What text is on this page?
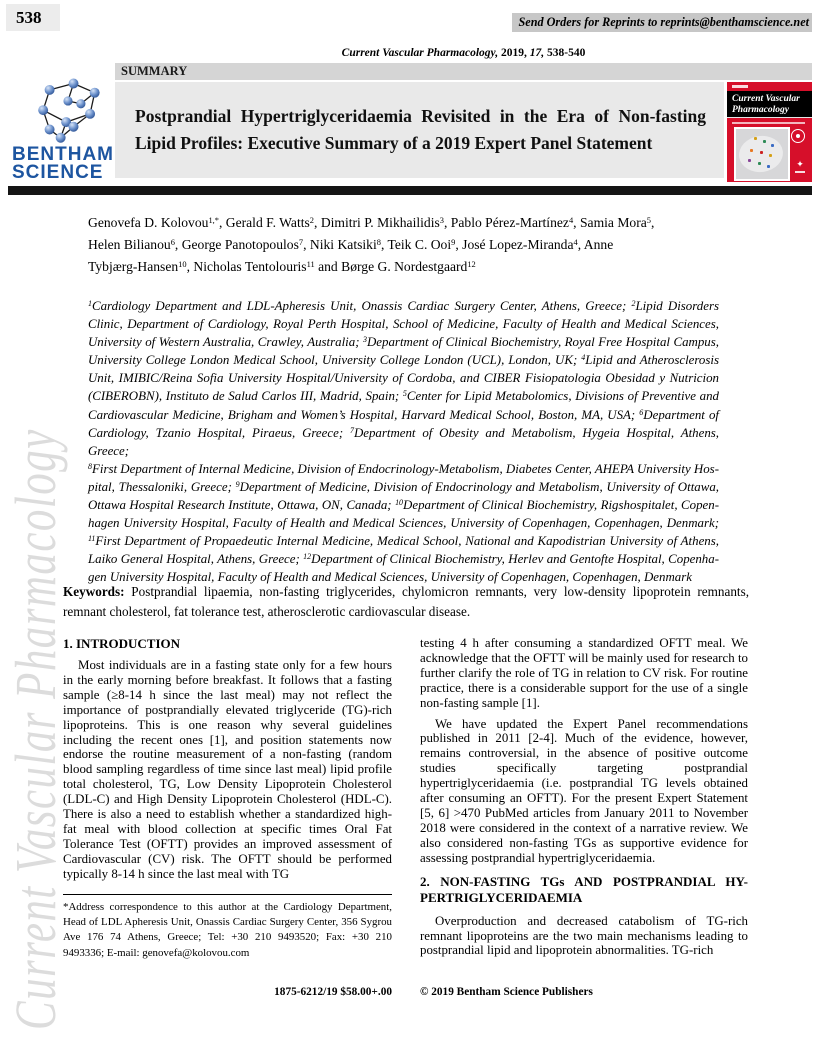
Current Vascular Pharmacology
538	Send Orders for Reprints to reprints@benthamscience.net
Current Vascular Pharmacology, 2019, 17, 538-540
SUMMARY
Postprandial Hypertriglyceridaemia Revisited in the Era of Non-fasting
Lipid Profiles: Executive Summary of a 2019 Expert Panel Statement
BENTHAM
SCIENCE
Current Vascular
Pharmacology
✦
Genovefa D. Kolovou$^{1,*}$, Gerald F. Watts$^2$, Dimitri P. Mikhailidis$^3$, Pablo Pérez-Martínez$^4$, Samia Mora$^5$,
Helen Bilianou$^6$, George Panotopoulos$^7$, Niki Katsiki$^8$, Teik C. Ooi$^9$, José Lopez-Miranda$^4$, Anne
Tybjærg-Hansen$^{10}$, Nicholas Tentolouris$^{11}$ and Børge G. Nordestgaard$^{12}$
$^1$Cardiology Department and LDL-Apheresis Unit, Onassis Cardiac Surgery Center, Athens, Greece; $^2$Lipid Disorders
Clinic, Department of Cardiology, Royal Perth Hospital, School of Medicine, Faculty of Health and Medical Sciences,
University of Western Australia, Crawley, Australia; $^3$Department of Clinical Biochemistry, Royal Free Hospital Campus,
University College London Medical School, University College London (UCL), London, UK; $^4$Lipid and Atherosclerosis
Unit, IMIBIC/Reina Sofia University Hospital/University of Cordoba, and CIBER Fisiopatologia Obesidad y Nutricion
(CIBEROBN), Instituto de Salud Carlos III, Madrid, Spain; $^5$Center for Lipid Metabolomics, Divisions of Preventive and
Cardiovascular Medicine, Brigham and Women’s Hospital, Harvard Medical School, Boston, MA, USA; $^6$Department of
Cardiology, Tzanio Hospital, Piraeus, Greece; $^7$Department of Obesity and Metabolism, Hygeia Hospital, Athens, Greece;
$^8$First Department of Internal Medicine, Division of Endocrinology-Metabolism, Diabetes Center, AHEPA University Hos-
pital, Thessaloniki, Greece; $^9$Department of Medicine, Division of Endocrinology and Metabolism, University of Ottawa,
Ottawa Hospital Research Institute, Ottawa, ON, Canada; $^{10}$Department of Clinical Biochemistry, Rigshospitalet, Copen-
hagen University Hospital, Faculty of Health and Medical Sciences, University of Copenhagen, Copenhagen, Denmark;
$^{11}$First Department of Propaedeutic Internal Medicine, Medical School, National and Kapodistrian University of Athens,
Laiko General Hospital, Athens, Greece; $^{12}$Department of Clinical Biochemistry, Herlev and Gentofte Hospital, Copenha-
gen University Hospital, Faculty of Health and Medical Sciences, University of Copenhagen, Copenhagen, Denmark
Keywords: Postprandial lipaemia, non-fasting triglycerides, chylomicron remnants, very low-density lipoprotein remnants, remnant cholesterol, fat tolerance test, atherosclerotic cardiovascular disease.
1. INTRODUCTION

Most individuals are in a fasting state only for a few hours in the early morning before breakfast. It follows that a fasting sample (≥8-14 h since the last meal) may not reflect the importance of postprandially elevated triglyceride (TG)-rich lipoproteins. This is one reason why several guidelines including the recent ones [1], and position statements now endorse the routine measurement of a non-fasting (random blood sampling regardless of time since last meal) lipid profile total cholesterol, TG, Low Density Lipoprotein Cholesterol (LDL-C) and High Density Lipoprotein Cholesterol (HDL-C). There is also a need to establish whether a standardized high-fat meal with blood collection at specific times Oral Fat Tolerance Test (OFTT) provides an improved assessment of Cardiovascular (CV) risk. The OFTT should be performed typically 8-14 h since the last meal with TG

*Address correspondence to this author at the Cardiology Department, Head of LDL Apheresis Unit, Onassis Cardiac Surgery Center, 356 Sygrou Ave 176 74 Athens, Greece; Tel: +30 210 9493520; Fax: +30 210 9493336; E-mail: genovefa@kolovou.com

testing 4 h after consuming a standardized OFTT meal. We acknowledge that the OFTT will be mainly used for research to further clarify the role of TG in relation to CV risk. For routine practice, there is a considerable support for the use of a single non-fasting sample [1].

We have updated the Expert Panel recommendations published in 2011 [2-4]. Much of the evidence, however, remains controversial, in the absence of positive outcome studies specifically targeting postprandial hypertriglyceridaemia (i.e. postprandial TG levels obtained after consuming an OFTT). For the present Expert Statement [5, 6] >470 PubMed articles from January 2011 to November 2018 were considered in the context of a narrative review. We also considered non-fasting TGs as supportive evidence for assessing postprandial hypertriglyceridaemia.

2. NON-FASTING TGs AND POSTPRANDIAL HY-
PERTRIGLYCERIDAEMIA

Overproduction and decreased catabolism of TG-rich remnant lipoproteins are the two main mechanisms leading to postprandial lipid and lipoprotein abnormalities. TG-rich

1875-6212/19 $58.00+.00 © 2019 Bentham Science Publishers
